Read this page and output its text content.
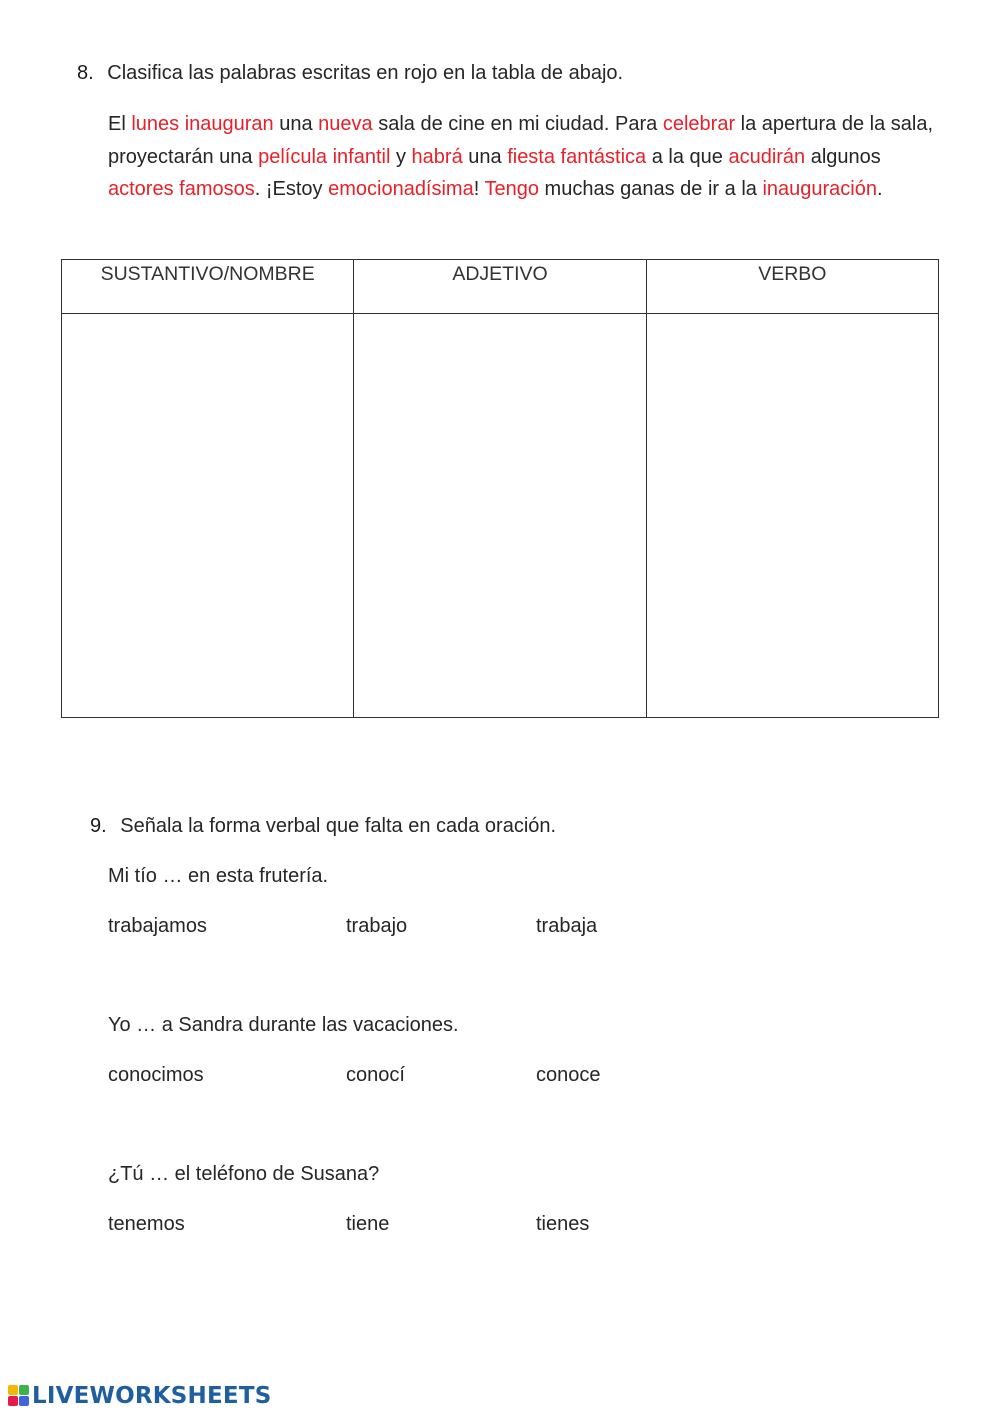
8. Clasifica las palabras escritas en rojo en la tabla de abajo.
El lunes inauguran una nueva sala de cine en mi ciudad. Para celebrar la apertura de la sala, proyectarán una película infantil y habrá una fiesta fantástica a la que acudirán algunos actores famosos. ¡Estoy emocionadísima! Tengo muchas ganas de ir a la inauguración.
SUSTANTIVO/NOMBRE	ADJETIVO	VERBO

9. Señala la forma verbal que falta en cada oración.
Mi tío … en esta frutería.
trabajamos	trabajo	trabaja
Yo … a Sandra durante las vacaciones.
conocimos	conocí	conoce
¿Tú … el teléfono de Susana?
tenemos	tiene	tienes
LIVEWORKSHEETS
